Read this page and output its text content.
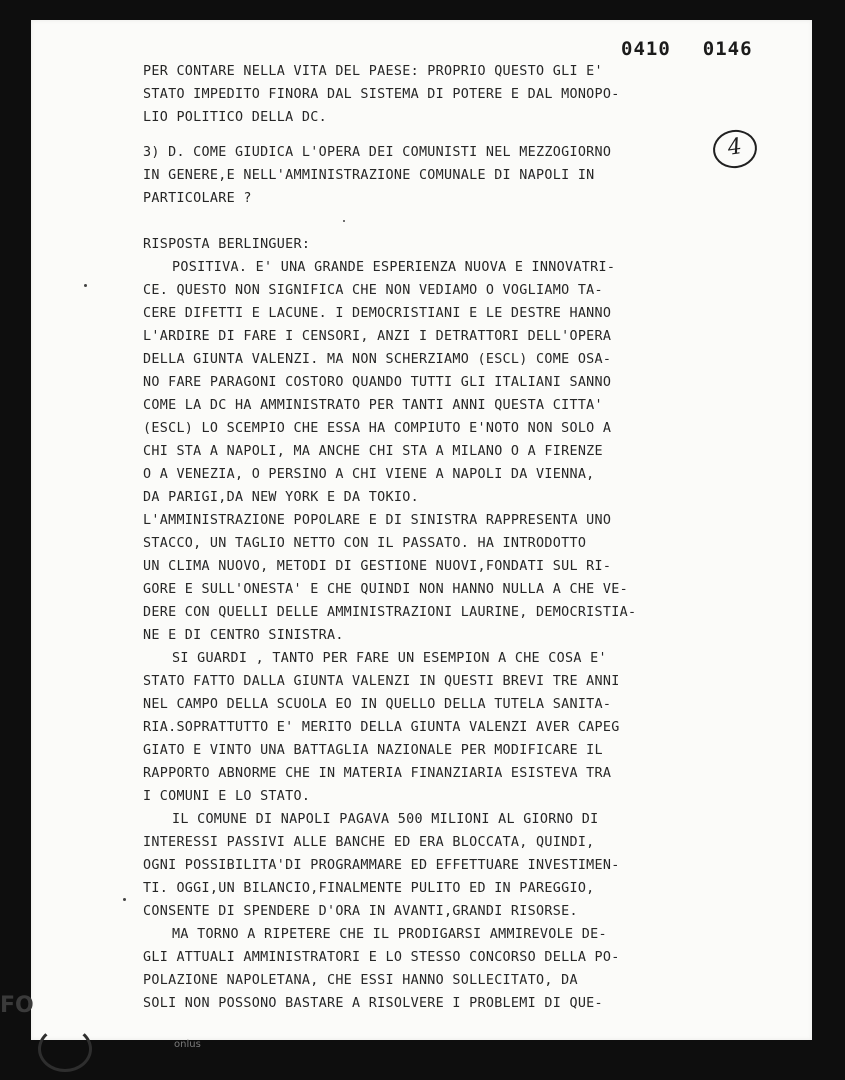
0410 0146
4
PER CONTARE NELLA VITA DEL PAESE: PROPRIO QUESTO GLI E'
STATO IMPEDITO FINORA DAL SISTEMA DI POTERE E DAL MONOPO-
LIO POLITICO DELLA DC.
3) D. COME GIUDICA L'OPERA DEI COMUNISTI NEL MEZZOGIORNO
IN GENERE,E NELL'AMMINISTRAZIONE COMUNALE DI NAPOLI IN
PARTICOLARE ?
RISPOSTA BERLINGUER:
POSITIVA. E' UNA GRANDE ESPERIENZA NUOVA E INNOVATRI-
CE. QUESTO NON SIGNIFICA CHE NON VEDIAMO O VOGLIAMO TA-
CERE DIFETTI E LACUNE. I DEMOCRISTIANI E LE DESTRE HANNO
L'ARDIRE DI FARE I CENSORI, ANZI I DETRATTORI DELL'OPERA
DELLA GIUNTA VALENZI. MA NON SCHERZIAMO (ESCL) COME OSA-
NO FARE PARAGONI COSTORO QUANDO TUTTI GLI ITALIANI SANNO
COME LA DC HA AMMINISTRATO PER TANTI ANNI QUESTA CITTA'
(ESCL) LO SCEMPIO CHE ESSA HA COMPIUTO E'NOTO NON SOLO A
CHI STA A NAPOLI, MA ANCHE CHI STA A MILANO O A FIRENZE
O A VENEZIA, O PERSINO A CHI VIENE A NAPOLI DA VIENNA,
DA PARIGI,DA NEW YORK E DA TOKIO.
L'AMMINISTRAZIONE POPOLARE E DI SINISTRA RAPPRESENTA UNO
STACCO, UN TAGLIO NETTO CON IL PASSATO. HA INTRODOTTO
UN CLIMA NUOVO, METODI DI GESTIONE NUOVI,FONDATI SUL RI-
GORE E SULL'ONESTA' E CHE QUINDI NON HANNO NULLA A CHE VE-
DERE CON QUELLI DELLE AMMINISTRAZIONI LAURINE, DEMOCRISTIA-
NE E DI CENTRO SINISTRA.
SI GUARDI , TANTO PER FARE UN ESEMPION A CHE COSA E'
STATO FATTO DALLA GIUNTA VALENZI IN QUESTI BREVI TRE ANNI
NEL CAMPO DELLA SCUOLA EO IN QUELLO DELLA TUTELA SANITA-
RIA.SOPRATTUTTO E' MERITO DELLA GIUNTA VALENZI AVER CAPEG
GIATO E VINTO UNA BATTAGLIA NAZIONALE PER MODIFICARE IL
RAPPORTO ABNORME CHE IN MATERIA FINANZIARIA ESISTEVA TRA
I COMUNI E LO STATO.
IL COMUNE DI NAPOLI PAGAVA 500 MILIONI AL GIORNO DI
INTERESSI PASSIVI ALLE BANCHE ED ERA BLOCCATA, QUINDI,
OGNI POSSIBILITA'DI PROGRAMMARE ED EFFETTUARE INVESTIMEN-
TI. OGGI,UN BILANCIO,FINALMENTE PULITO ED IN PAREGGIO,
CONSENTE DI SPENDERE D'ORA IN AVANTI,GRANDI RISORSE.
MA TORNO A RIPETERE CHE IL PRODIGARSI AMMIREVOLE DE-
GLI ATTUALI AMMINISTRATORI E LO STESSO CONCORSO DELLA PO-
POLAZIONE NAPOLETANA, CHE ESSI HANNO SOLLECITATO, DA
SOLI NON POSSONO BASTARE A RISOLVERE I PROBLEMI DI QUE-
FO
onlus
